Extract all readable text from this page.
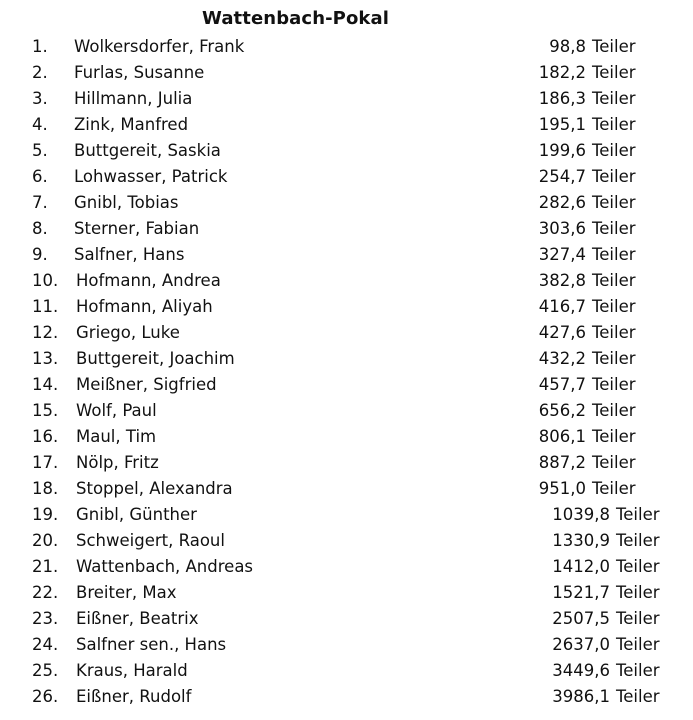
Wattenbach-Pokal
1.	Wolkersdorfer, Frank	98,8 Teiler
2.	Furlas, Susanne	182,2 Teiler
3.	Hillmann, Julia	186,3 Teiler
4.	Zink, Manfred	195,1 Teiler
5.	Buttgereit, Saskia	199,6 Teiler
6.	Lohwasser, Patrick	254,7 Teiler
7.	Gnibl, Tobias	282,6 Teiler
8.	Sterner, Fabian	303,6 Teiler
9.	Salfner, Hans	327,4 Teiler
10.	Hofmann, Andrea	382,8 Teiler
11.	Hofmann, Aliyah	416,7 Teiler
12.	Griego, Luke	427,6 Teiler
13.	Buttgereit, Joachim	432,2 Teiler
14.	Meißner, Sigfried	457,7 Teiler
15.	Wolf, Paul	656,2 Teiler
16.	Maul, Tim	806,1 Teiler
17.	Nölp, Fritz	887,2 Teiler
18.	Stoppel, Alexandra	951,0 Teiler
19.	Gnibl, Günther	1039,8 Teiler
20.	Schweigert, Raoul	1330,9 Teiler
21.	Wattenbach, Andreas	1412,0 Teiler
22.	Breiter, Max	1521,7 Teiler
23.	Eißner, Beatrix	2507,5 Teiler
24.	Salfner sen., Hans	2637,0 Teiler
25.	Kraus, Harald	3449,6 Teiler
26.	Eißner, Rudolf	3986,1 Teiler
